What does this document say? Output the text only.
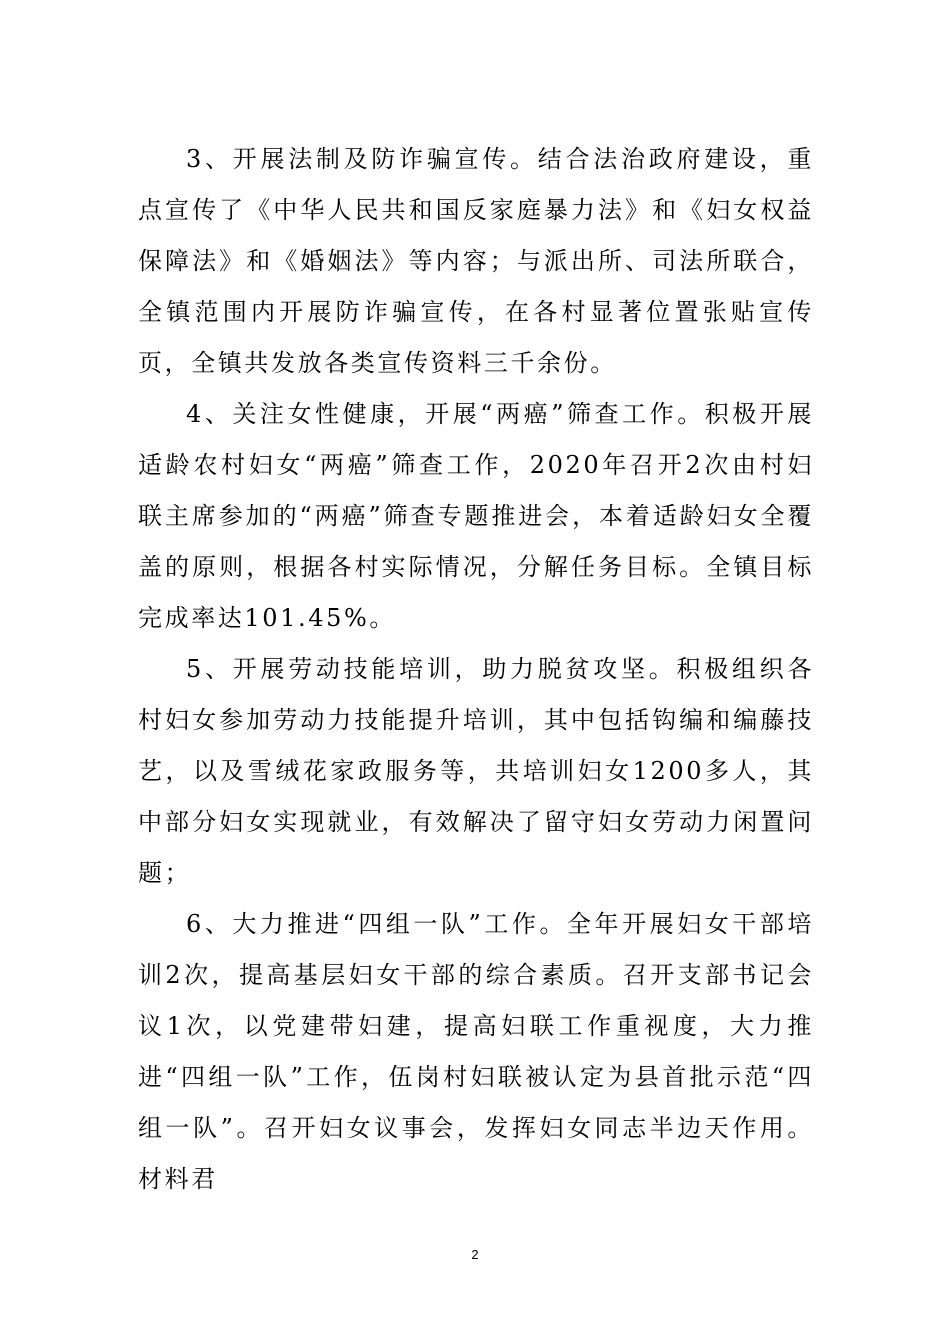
3、开展法制及防诈骗宣传。结合法治政府建设，重点宣传了《中华人民共和国反家庭暴力法》和《妇女权益保障法》和《婚姻法》等内容；与派出所、司法所联合，全镇范围内开展防诈骗宣传，在各村显著位置张贴宣传页，全镇共发放各类宣传资料三千余份。

4、关注女性健康，开展“两癌”筛查工作。积极开展适龄农村妇女“两癌”筛查工作，2020年召开2次由村妇联主席参加的“两癌”筛查专题推进会，本着适龄妇女全覆盖的原则，根据各村实际情况，分解任务目标。全镇目标完成率达101.45%。

5、开展劳动技能培训，助力脱贫攻坚。积极组织各村妇女参加劳动力技能提升培训，其中包括钩编和编藤技艺，以及雪绒花家政服务等，共培训妇女1200多人，其中部分妇女实现就业，有效解决了留守妇女劳动力闲置问题；

6、大力推进“四组一队”工作。全年开展妇女干部培训2次，提高基层妇女干部的综合素质。召开支部书记会议1次，以党建带妇建，提高妇联工作重视度，大力推进“四组一队”工作，伍岗村妇联被认定为县首批示范“四组一队”。召开妇女议事会，发挥妇女同志半边天作用。材料君

2
